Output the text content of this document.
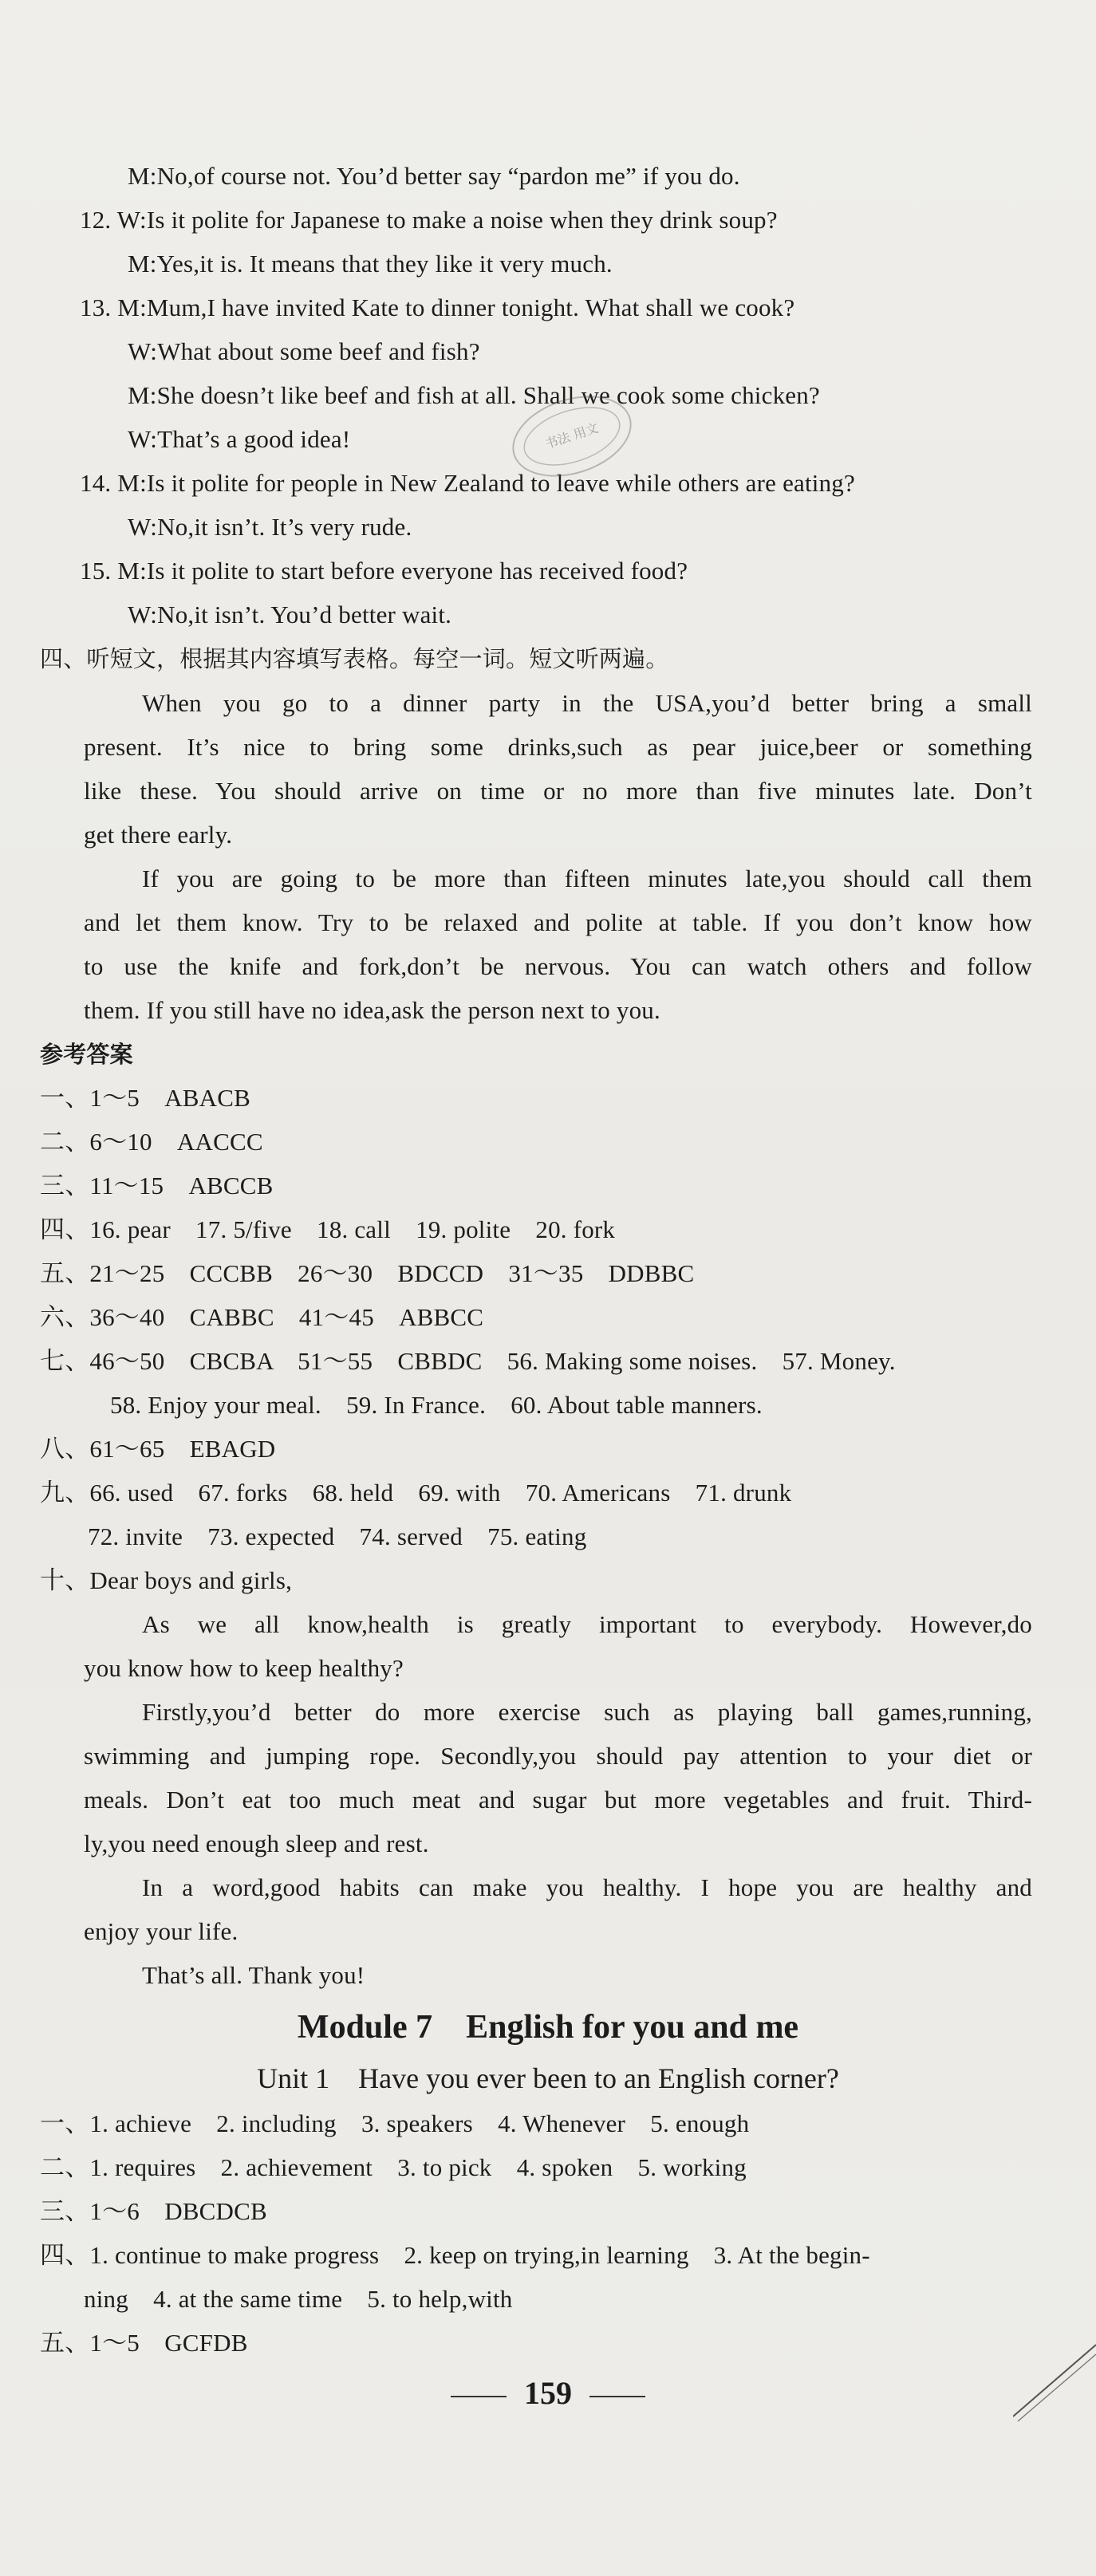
M:No,of course not. You’d better say “pardon me” if you do.
12. W:Is it polite for Japanese to make a noise when they drink soup?
M:Yes,it is. It means that they like it very much.
13. M:Mum,I have invited Kate to dinner tonight. What shall we cook?
W:What about some beef and fish?
M:She doesn’t like beef and fish at all. Shall we cook some chicken?
W:That’s a good idea!
14. M:Is it polite for people in New Zealand to leave while others are eating?
W:No,it isn’t. It’s very rude.
15. M:Is it polite to start before everyone has received food?
W:No,it isn’t. You’d better wait.
书法 用文
四、听短文，根据其内容填写表格。每空一词。短文听两遍。
When you go to a dinner party in the USA,you’d better bring a small
present. It’s nice to bring some drinks,such as pear juice,beer or something
like these. You should arrive on time or no more than five minutes late. Don’t
get there early.
If you are going to be more than fifteen minutes late,you should call them
and let them know. Try to be relaxed and polite at table. If you don’t know how
to use the knife and fork,don’t be nervous. You can watch others and follow
them. If you still have no idea,ask the person next to you.
参考答案
一、1～5　ABACB
二、6～10　AACCC
三、11～15　ABCCB
四、16. pear　17. 5/five　18. call　19. polite　20. fork
五、21～25　CCCBB　26～30　BDCCD　31～35　DDBBC
六、36～40　CABBC　41～45　ABBCC
七、46～50　CBCBA　51～55　CBBDC　56. Making some noises.　57. Money.
58. Enjoy your meal.　59. In France.　60. About table manners.
八、61～65　EBAGD
九、66. used　67. forks　68. held　69. with　70. Americans　71. drunk
72. invite　73. expected　74. served　75. eating
十、Dear boys and girls,
As we all know,health is greatly important to everybody. However,do
you know how to keep healthy?
Firstly,you’d better do more exercise such as playing ball games,running,
swimming and jumping rope. Secondly,you should pay attention to your diet or
meals. Don’t eat too much meat and sugar but more vegetables and fruit. Third-
ly,you need enough sleep and rest.
In a word,good habits can make you healthy. I hope you are healthy and
enjoy your life.
That’s all. Thank you!
Module 7　English for you and me
Unit 1　Have you ever been to an English corner?
一、1. achieve　2. including　3. speakers　4. Whenever　5. enough
二、1. requires　2. achievement　3. to pick　4. spoken　5. working
三、1～6　DBCDCB
四、1. continue to make progress　2. keep on trying,in learning　3. At the begin-
ning　4. at the same time　5. to help,with
五、1～5　GCFDB
159
